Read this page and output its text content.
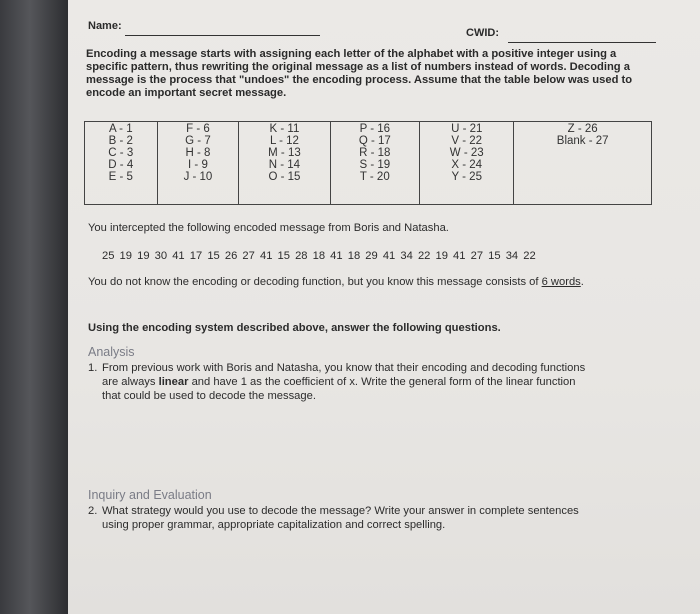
Name:
CWID:
Encoding a message starts with assigning each letter of the alphabet with a positive integer using a specific pattern, thus rewriting the original message as a list of numbers instead of words. Decoding a message is the process that "undoes" the encoding process. Assume that the table below was used to encode an important secret message.
A - 1
B - 2
C - 3
D - 4
E - 5

F - 6
G - 7
H - 8
I - 9
J - 10

K - 11
L - 12
M - 13
N - 14
O - 15

P - 16
Q - 17
R - 18
S - 19
T - 20

U - 21
V - 22
W - 23
X - 24
Y - 25

Z - 26
Blank - 27
You intercepted the following encoded message from Boris and Natasha.
25 19 19 30 41 17 15 26 27 41 15 28 18 41 18 29 41 34 22 19 41 27 15 34 22
You do not know the encoding or decoding function, but you know this message consists of 6 words.
Using the encoding system described above, answer the following questions.
Analysis
1. From previous work with Boris and Natasha, you know that their encoding and decoding functions
are always linear and have 1 as the coefficient of x. Write the general form of the linear function
that could be used to decode the message.
Inquiry and Evaluation
2. What strategy would you use to decode the message? Write your answer in complete sentences
using proper grammar, appropriate capitalization and correct spelling.
